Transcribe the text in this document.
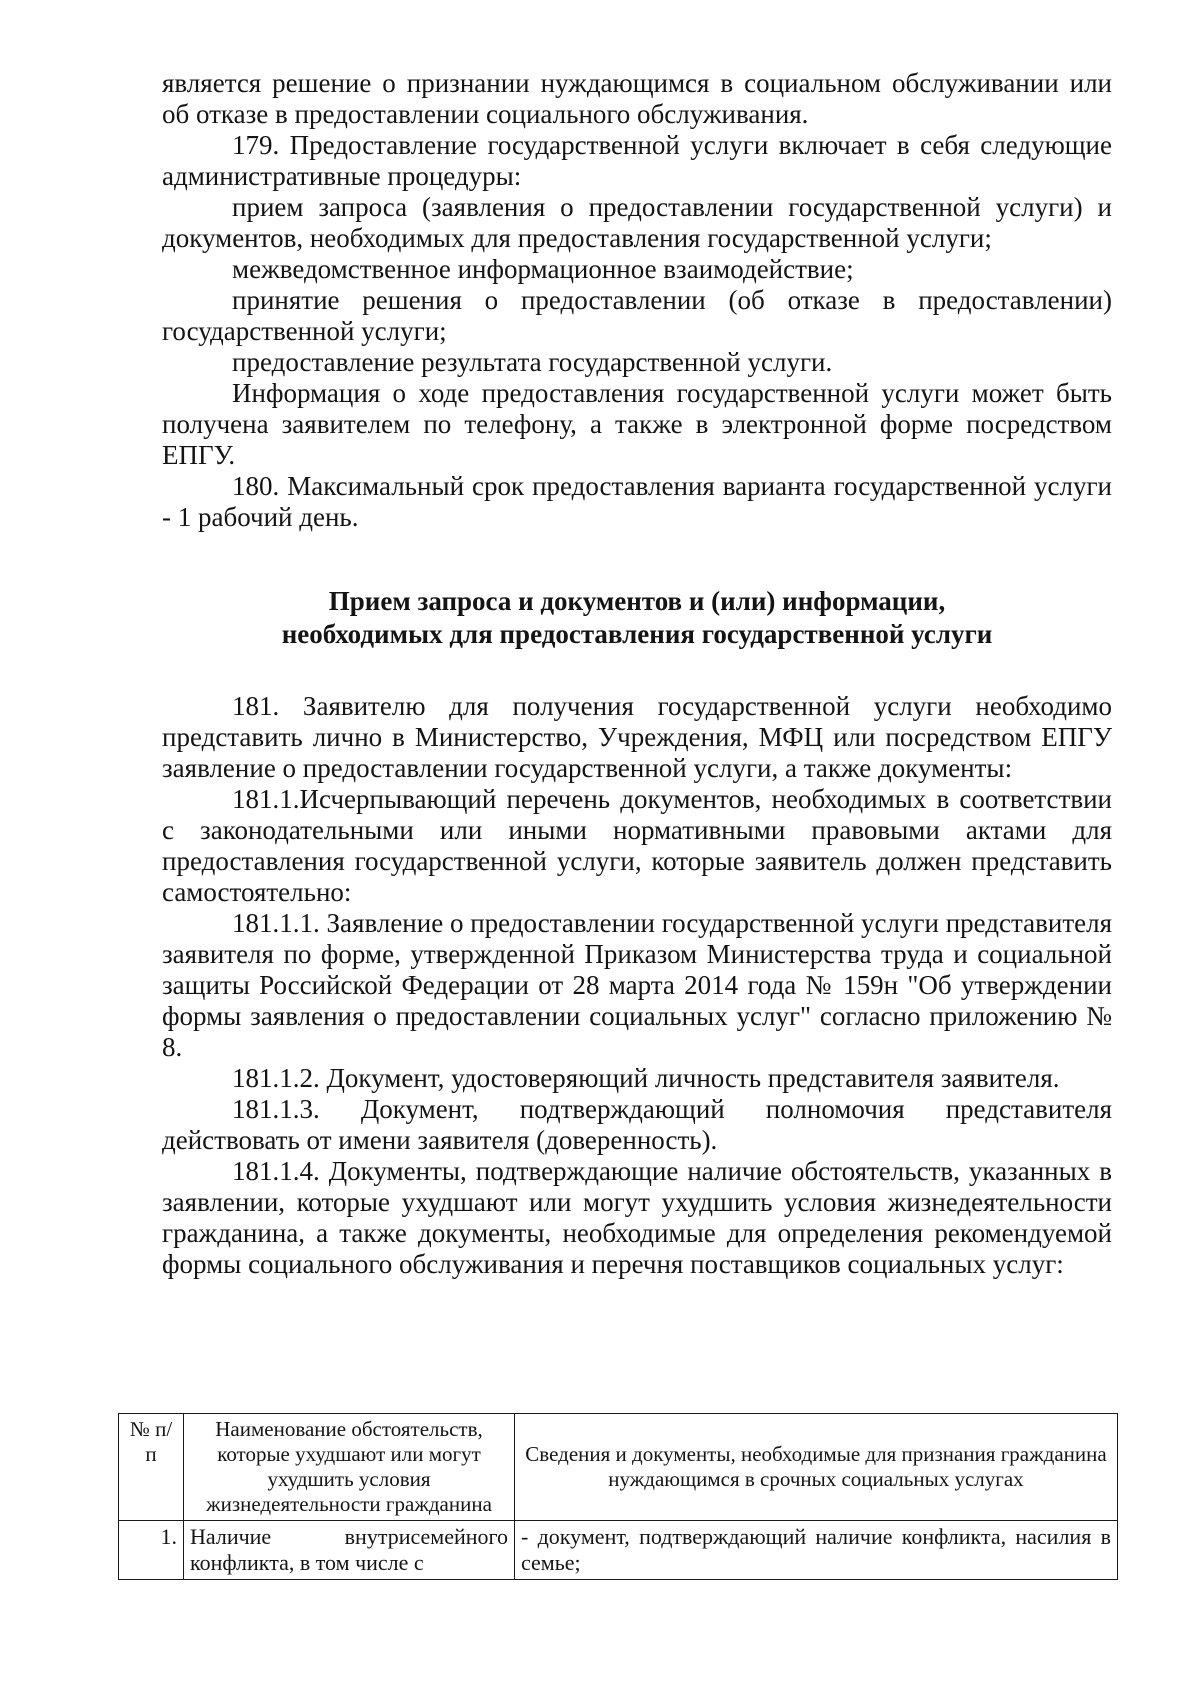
является решение о признании нуждающимся в социальном обслуживании или об отказе в предоставлении социального обслуживания.

179. Предоставление государственной услуги включает в себя следующие административные процедуры:

прием запроса (заявления о предоставлении государственной услуги) и документов, необходимых для предоставления государственной услуги;

межведомственное информационное взаимодействие;

принятие решения о предоставлении (об отказе в предоставлении) государственной услуги;

предоставление результата государственной услуги.

Информация о ходе предоставления государственной услуги может быть получена заявителем по телефону, а также в электронной форме посредством ЕПГУ.

180. Максимальный срок предоставления варианта государственной услуги - 1 рабочий день.

Прием запроса и документов и (или) информации,
необходимых для предоставления государственной услуги

181. Заявителю для получения государственной услуги необходимо представить лично в Министерство, Учреждения, МФЦ или посредством ЕПГУ заявление о предоставлении государственной услуги, а также документы:

181.1.Исчерпывающий перечень документов, необходимых в соответствии с законодательными или иными нормативными правовыми актами для предоставления государственной услуги, которые заявитель должен представить самостоятельно:

181.1.1. Заявление о предоставлении государственной услуги представителя заявителя по форме, утвержденной Приказом Министерства труда и социальной защиты Российской Федерации от 28 марта 2014 года № 159н "Об утверждении формы заявления о предоставлении социальных услуг" согласно приложению № 8.

181.1.2. Документ, удостоверяющий личность представителя заявителя.

181.1.3. Документ, подтверждающий полномочия представителя действовать от имени заявителя (доверенность).

181.1.4. Документы, подтверждающие наличие обстоятельств, указанных в заявлении, которые ухудшают или могут ухудшить условия жизнедеятельности гражданина, а также документы, необходимые для определения рекомендуемой формы социального обслуживания и перечня поставщиков социальных услуг:

№ п/п	Наименование обстоятельств, которые ухудшают или могут ухудшить условия жизнедеятельности гражданина	Сведения и документы, необходимые для признания гражданина нуждающимся в срочных социальных услугах
1.	Наличие внутрисемейного конфликта, в том числе с	- документ, подтверждающий наличие конфликта, насилия в семье;
